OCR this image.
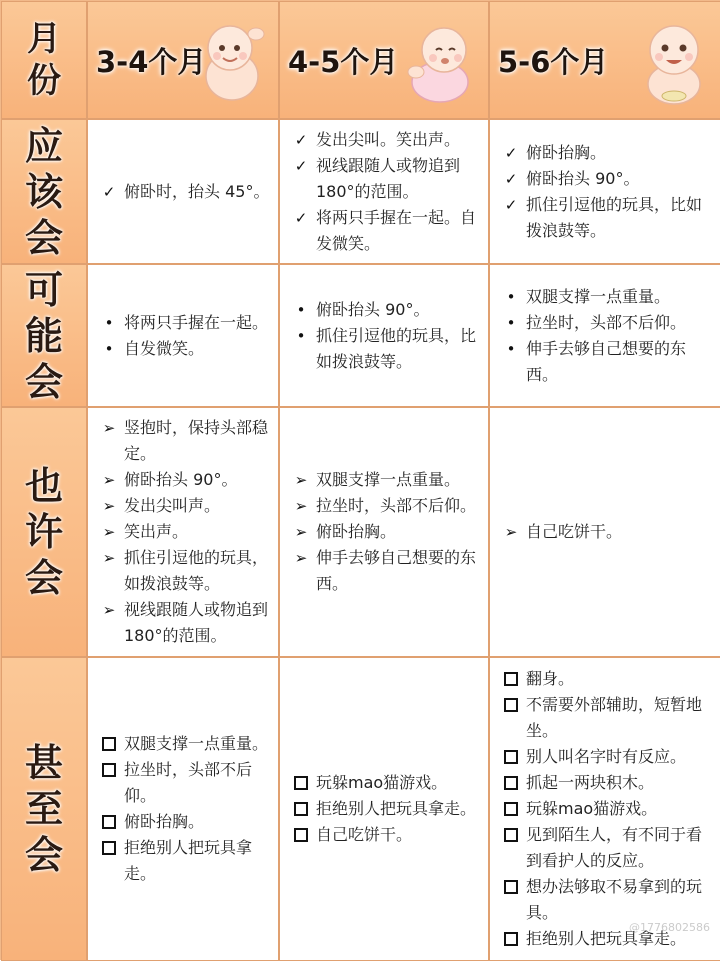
月份 3-4个月	4-5个月	5-6个月
应该会
✓ 俯卧时，抬头 45°。
✓ 发出尖叫。笑出声。
✓ 视线跟随人或物追到180°的范围。
✓ 将两只手握在一起。自发微笑。
✓ 俯卧抬胸。
✓ 俯卧抬头 90°。
✓ 抓住引逗他的玩具，比如拨浪鼓等。
可能会
• 将两只手握在一起。
• 自发微笑。
• 俯卧抬头 90°。
• 抓住引逗他的玩具，比如拨浪鼓等。
• 双腿支撑一点重量。
• 拉坐时，头部不后仰。
• 伸手去够自己想要的东西。
也许会
➢ 竖抱时，保持头部稳定。
➢ 俯卧抬头 90°。
➢ 发出尖叫声。
➢ 笑出声。
➢ 抓住引逗他的玩具，如拨浪鼓等。
➢ 视线跟随人或物追到 180°的范围。
➢ 双腿支撑一点重量。
➢ 拉坐时，头部不后仰。
➢ 俯卧抬胸。
➢ 伸手去够自己想要的东西。
➢ 自己吃饼干。
甚至会
双腿支撑一点重量。
拉坐时，头部不后仰。
俯卧抬胸。
拒绝别人把玩具拿走。
玩躲mao猫游戏。
拒绝别人把玩具拿走。
自己吃饼干。
翻身。
不需要外部辅助，短暂地坐。
别人叫名字时有反应。
抓起一两块积木。
玩躲mao猫游戏。
见到陌生人，有不同于看到看护人的反应。
想办法够取不易拿到的玩具。
拒绝别人把玩具拿走。
@1776802586
